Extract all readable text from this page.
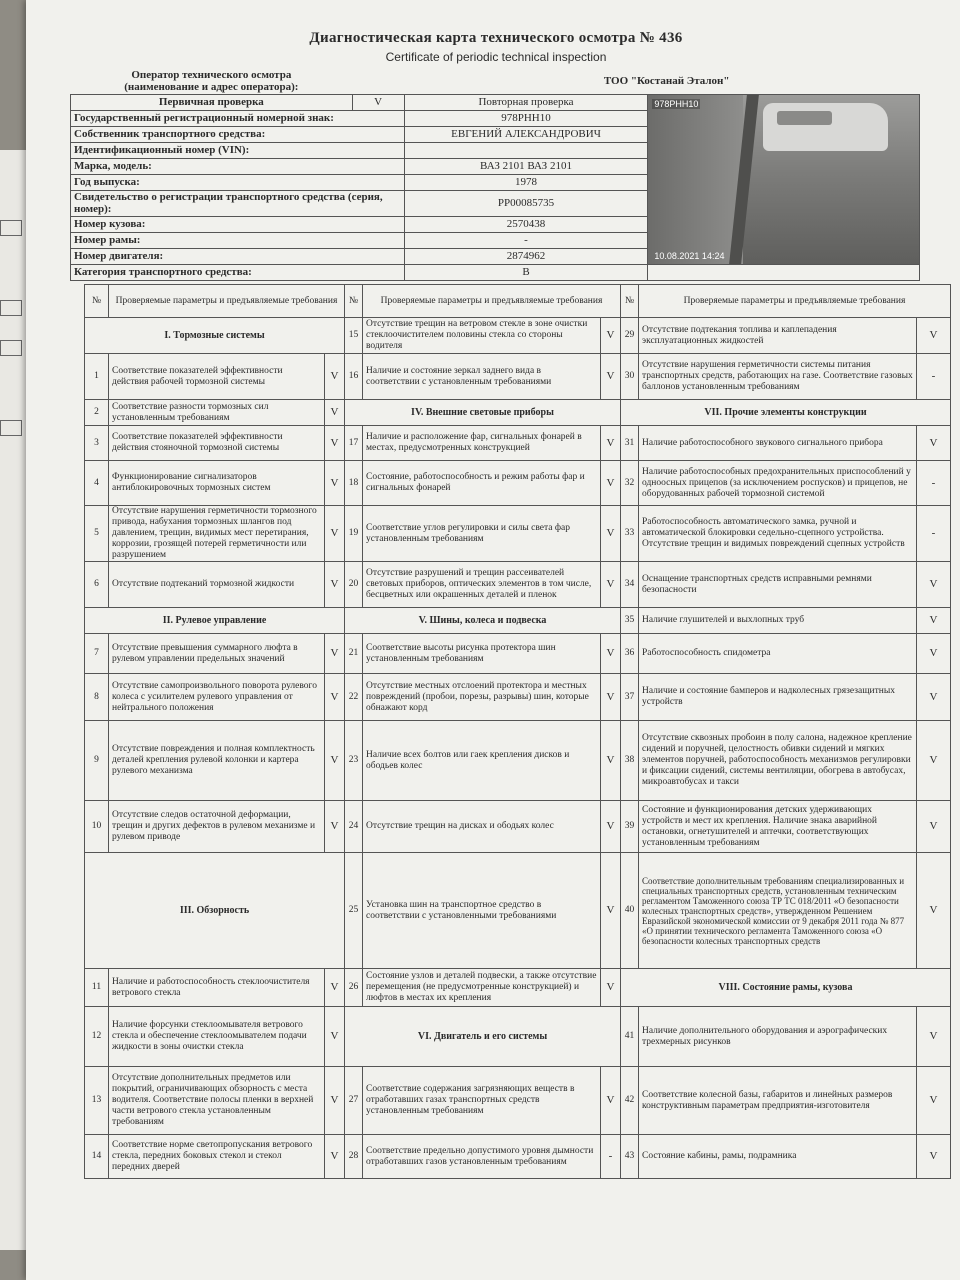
Диагностическая карта технического осмотра № 436
Certificate of periodic technical inspection
Оператор технического осмотра (наименование и адрес оператора):	ТОО "Костанай Эталон"		
Первичная проверка	V	Повторная проверка	978PHH10
10.08.2021 14:24

Государственный регистрационный номерной знак:		978PHH10	
Собственник транспортного средства:		ЕВГЕНИЙ АЛЕКСАНДРОВИЧ	
Идентификационный номер (VIN):			
Марка, модель:		ВАЗ 2101 ВАЗ 2101	
Год выпуска:		1978	
Свидетельство о регистрации транспортного средства (серия, номер):		PP00085735	
Номер кузова:		2570438	
Номер рамы:		-	
Номер двигателя:		2874962	
Категория транспортного средства:		B	
№	Проверяемые параметры и предъявляемые требования		№	Проверяемые параметры и предъявляемые требования		№	Проверяемые параметры и предъявляемые требования	
I. Тормозные системы			15	Отсутствие трещин на ветровом стекле в зоне очистки стеклоочистителем половины стекла со стороны водителя	V	29	Отсутствие подтекания топлива и каплепадения эксплуатационных жидкостей	V
1	Соответствие показателей эффективности действия рабочей тормозной системы	V	16	Наличие и состояние зеркал заднего вида в соответствии с установленным требованиями	V	30	Отсутствие нарушения герметичности системы питания транспортных средств, работающих на газе. Соответствие газовых баллонов установленным требованиям	-
2	Соответствие разности тормозных сил установленным требованиям	V	IV. Внешние световые приборы			VII. Прочие элементы конструкции		
3	Соответствие показателей эффективности действия стояночной тормозной системы	V	17	Наличие и расположение фар, сигнальных фонарей в местах, предусмотренных конструкцией	V	31	Наличие работоспособного звукового сигнального прибора	V
4	Функционирование сигнализаторов антиблокировочных тормозных систем	V	18	Состояние, работоспособность и режим работы фар и сигнальных фонарей	V	32	Наличие работоспособных предохранительных приспособлений у одноосных прицепов (за исключением роспусков) и прицепов, не оборудованных рабочей тормозной системой	-
5	Отсутствие нарушения герметичности тормозного привода, набухания тормозных шлангов под давлением, трещин, видимых мест перетирания, коррозии, грозящей потерей герметичности или разрушением	V	19	Соответствие углов регулировки и силы света фар установленным требованиям	V	33	Работоспособность автоматического замка, ручной и автоматической блокировки седельно-сцепного устройства. Отсутствие трещин и видимых повреждений сцепных устройств	-
6	Отсутствие подтеканий тормозной жидкости	V	20	Отсутствие разрушений и трещин рассеивателей световых приборов, оптических элементов в том числе, бесцветных или окрашенных деталей и пленок	V	34	Оснащение транспортных средств исправными ремнями безопасности	V
II. Рулевое управление			V. Шины, колеса и подвеска			35	Наличие глушителей и выхлопных труб	V
7	Отсутствие превышения суммарного люфта в рулевом управлении предельных значений	V	21	Соответствие высоты рисунка протектора шин установленным требованиям	V	36	Работоспособность спидометра	V
8	Отсутствие самопроизвольного поворота рулевого колеса с усилителем рулевого управления от нейтрального положения	V	22	Отсутствие местных отслоений протектора и местных повреждений (пробои, порезы, разрывы) шин, которые обнажают корд	V	37	Наличие и состояние бамперов и надколесных грязезащитных устройств	V
9	Отсутствие повреждения и полная комплектность деталей крепления рулевой колонки и картера рулевого механизма	V	23	Наличие всех болтов или гаек крепления дисков и ободьев колес	V	38	Отсутствие сквозных пробоин в полу салона, надежное крепление сидений и поручней, целостность обивки сидений и мягких элементов поручней, работоспособность механизмов регулировки и фиксации сидений, системы вентиляции, обогрева в автобусах, микроавтобусах и такси	V
10	Отсутствие следов остаточной деформации, трещин и других дефектов в рулевом механизме и рулевом приводе	V	24	Отсутствие трещин на дисках и ободьях колес	V	39	Состояние и функционирования детских удерживающих устройств и мест их крепления. Наличие знака аварийной остановки, огнетушителей и аптечки, соответствующих установленным требованиям	V
III. Обзорность			25	Установка шин на транспортное средство в соответствии с установленными требованиями	V	40	Соответствие дополнительным требованиям специализированных и специальных транспортных средств, установленным техническим регламентом Таможенного союза ТР ТС 018/2011 «О безопасности колесных транспортных средств», утвержденном Решением Евразийской экономической комиссии от 9 декабря 2011 года № 877 «О принятии технического регламента Таможенного союза «О безопасности колесных транспортных средств	V
11	Наличие и работоспособность стеклоочистителя ветрового стекла	V	26	Состояние узлов и деталей подвески, а также отсутствие перемещения (не предусмотренные конструкцией) и люфтов в местах их крепления	V	VIII. Состояние рамы, кузова		
12	Наличие форсунки стеклоомывателя ветрового стекла и обеспечение стеклоомывателем подачи жидкости в зоны очистки стекла	V	VI. Двигатель и его системы			41	Наличие дополнительного оборудования и аэрографических трехмерных рисунков	V
13	Отсутствие дополнительных предметов или покрытий, ограничивающих обзорность с места водителя. Соответствие полосы пленки в верхней части ветрового стекла установленным требованиям	V	27	Соответствие содержания загрязняющих веществ в отработавших газах транспортных средств установленным требованиям	V	42	Соответствие колесной базы, габаритов и линейных размеров конструктивным параметрам предприятия-изготовителя	V
14	Соответствие норме светопропускания ветрового стекла, передних боковых стекол и стекол передних дверей	V	28	Соответствие предельно допустимого уровня дымности отработавших газов установленным требованиям	-	43	Состояние кабины, рамы, подрамника	V
